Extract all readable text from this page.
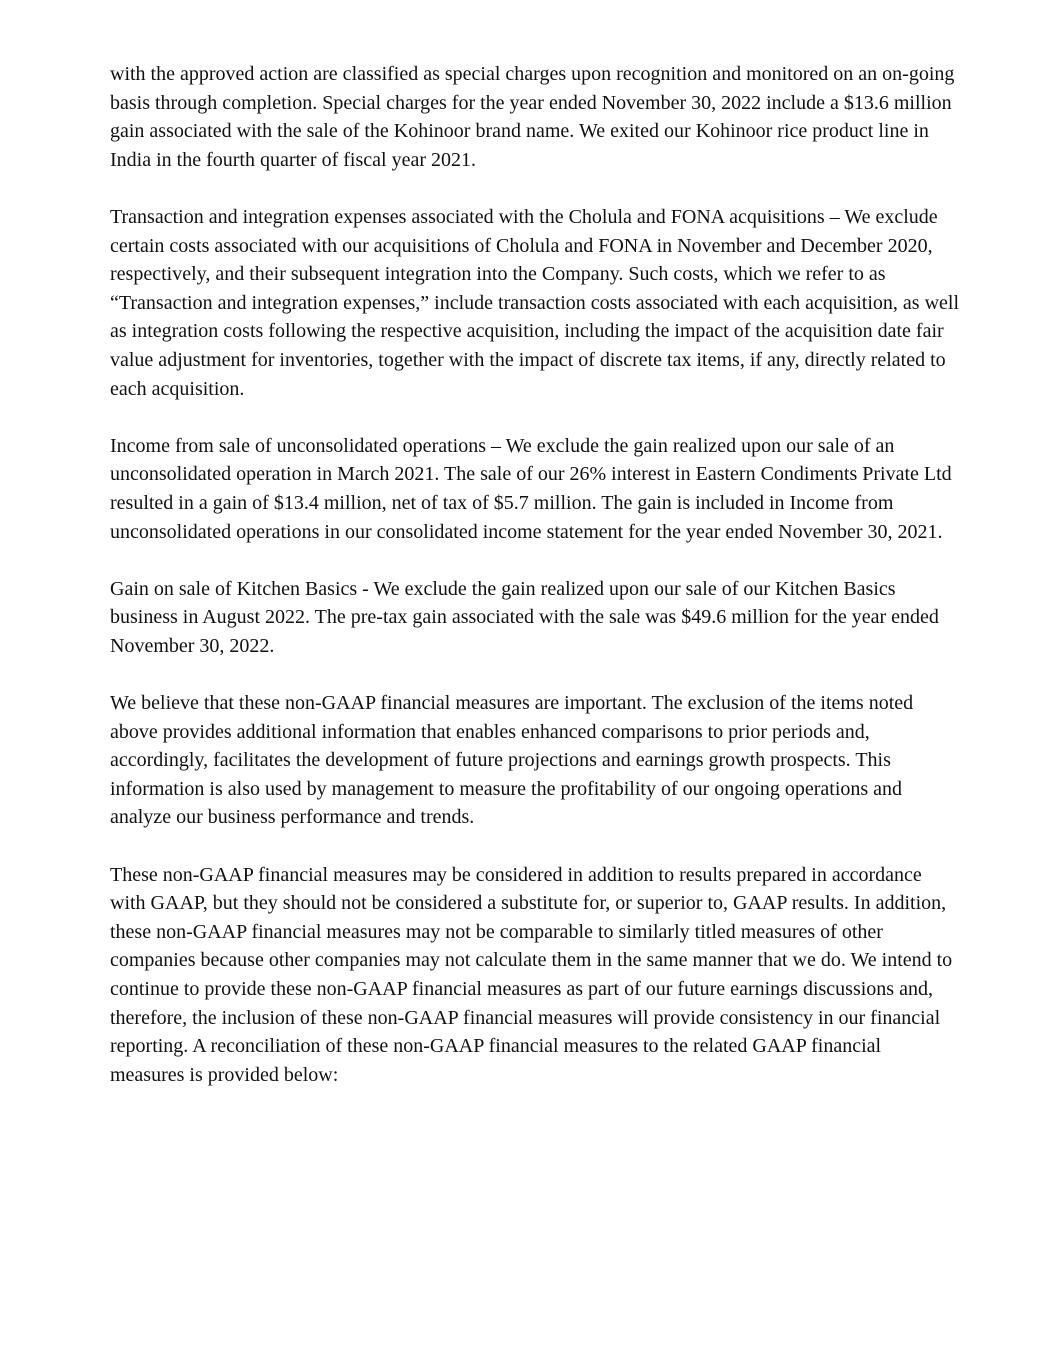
with the approved action are classified as special charges upon recognition and monitored on an on-going basis through completion. Special charges for the year ended November 30, 2022 include a $13.6 million gain associated with the sale of the Kohinoor brand name. We exited our Kohinoor rice product line in India in the fourth quarter of fiscal year 2021.

Transaction and integration expenses associated with the Cholula and FONA acquisitions – We exclude certain costs associated with our acquisitions of Cholula and FONA in November and December 2020, respectively, and their subsequent integration into the Company. Such costs, which we refer to as “Transaction and integration expenses,” include transaction costs associated with each acquisition, as well as integration costs following the respective acquisition, including the impact of the acquisition date fair value adjustment for inventories, together with the impact of discrete tax items, if any, directly related to each acquisition.

Income from sale of unconsolidated operations – We exclude the gain realized upon our sale of an unconsolidated operation in March 2021. The sale of our 26% interest in Eastern Condiments Private Ltd resulted in a gain of $13.4 million, net of tax of $5.7 million. The gain is included in Income from unconsolidated operations in our consolidated income statement for the year ended November 30, 2021.

Gain on sale of Kitchen Basics - We exclude the gain realized upon our sale of our Kitchen Basics business in August 2022. The pre-tax gain associated with the sale was $49.6 million for the year ended November 30, 2022.

We believe that these non-GAAP financial measures are important. The exclusion of the items noted above provides additional information that enables enhanced comparisons to prior periods and, accordingly, facilitates the development of future projections and earnings growth prospects. This information is also used by management to measure the profitability of our ongoing operations and analyze our business performance and trends.

These non-GAAP financial measures may be considered in addition to results prepared in accordance with GAAP, but they should not be considered a substitute for, or superior to, GAAP results. In addition, these non-GAAP financial measures may not be comparable to similarly titled measures of other companies because other companies may not calculate them in the same manner that we do. We intend to continue to provide these non-GAAP financial measures as part of our future earnings discussions and, therefore, the inclusion of these non-GAAP financial measures will provide consistency in our financial reporting. A reconciliation of these non-GAAP financial measures to the related GAAP financial measures is provided below:
